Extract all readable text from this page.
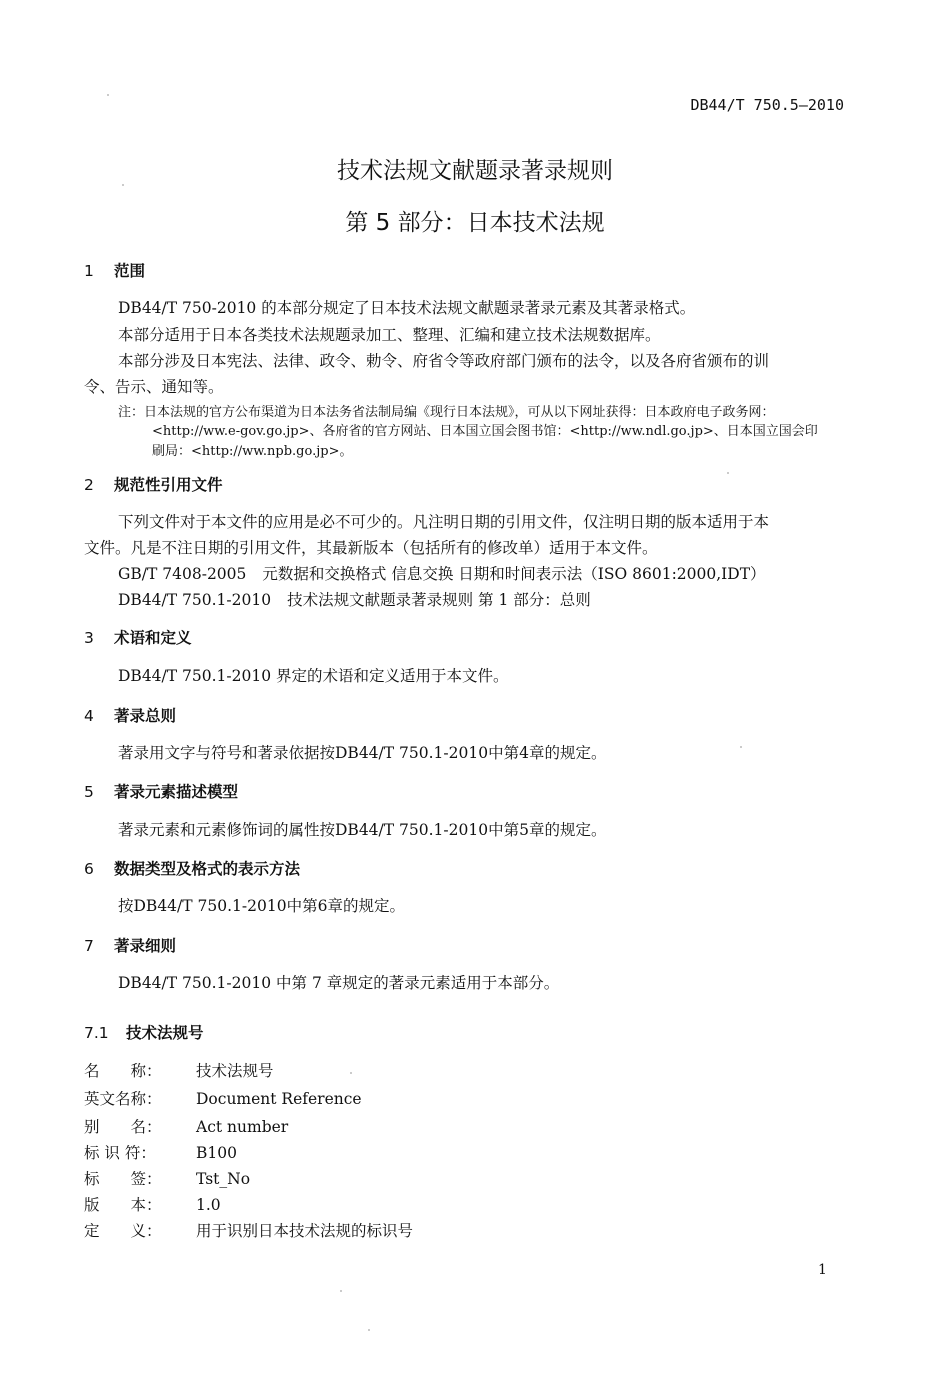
DB44/T 750.5—2010
技术法规文献题录著录规则
第 5 部分：日本技术法规
1 范围
DB44/T 750-2010 的本部分规定了日本技术法规文献题录著录元素及其著录格式。
本部分适用于日本各类技术法规题录加工、整理、汇编和建立技术法规数据库。
本部分涉及日本宪法、法律、政令、勅令、府省令等政府部门颁布的法令，以及各府省颁布的训
令、告示、通知等。
注：日本法规的官方公布渠道为日本法务省法制局编《现行日本法规》，可从以下网址获得：日本政府电子政务网：
<http://ww.e-gov.go.jp>、各府省的官方网站、日本国立国会图书馆：<http://ww.ndl.go.jp>、日本国立国会印
刷局：<http://ww.npb.go.jp>。
2 规范性引用文件
下列文件对于本文件的应用是必不可少的。凡注明日期的引用文件，仅注明日期的版本适用于本
文件。凡是不注日期的引用文件，其最新版本（包括所有的修改单）适用于本文件。
GB/T 7408-2005 元数据和交换格式 信息交换 日期和时间表示法（ISO 8601:2000,IDT）
DB44/T 750.1-2010 技术法规文献题录著录规则 第 1 部分：总则
3 术语和定义
DB44/T 750.1-2010 界定的术语和定义适用于本文件。
4 著录总则
著录用文字与符号和著录依据按DB44/T 750.1-2010中第4章的规定。
5 著录元素描述模型
著录元素和元素修饰词的属性按DB44/T 750.1-2010中第5章的规定。
6 数据类型及格式的表示方法
按DB44/T 750.1-2010中第6章的规定。
7 著录细则
DB44/T 750.1-2010 中第 7 章规定的著录元素适用于本部分。
7.1 技术法规号
名　　称： 技术法规号
英文名称： Document Reference
别　　名： Act number
标 识 符：	B100
标　　签： Tst_No
版　　本： 1.0
定　　义： 用于识别日本技术法规的标识号
1
